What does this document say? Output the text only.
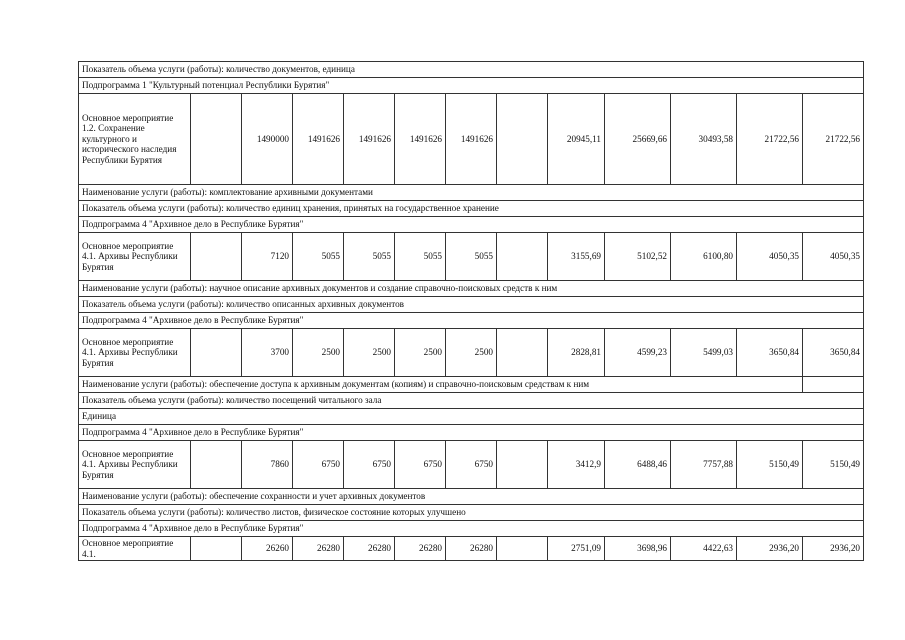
Показатель объема услуги (работы): количество документов, единица												
Подпрограмма 1 "Культурный потенциал Республики Бурятия"												
Основное мероприятие 1.2. Сохранение культурного и исторического наследия Республики Бурятия		1490000	1491626	1491626	1491626	1491626		20945,11	25669,66	30493,58	21722,56	21722,56
Наименование услуги (работы): комплектование архивными документами												
Показатель объема услуги (работы): количество единиц хранения, принятых на государственное хранение												
Подпрограмма 4 "Архивное дело в Республике Бурятия"												
Основное мероприятие 4.1. Архивы Республики Бурятия		7120	5055	5055	5055	5055		3155,69	5102,52	6100,80	4050,35	4050,35
Наименование услуги (работы): научное описание архивных документов и создание справочно-поисковых средств к ним												
Показатель объема услуги (работы): количество описанных архивных документов												
Подпрограмма 4 "Архивное дело в Республике Бурятия"												
Основное мероприятие 4.1. Архивы Республики Бурятия		3700	2500	2500	2500	2500		2828,81	4599,23	5499,03	3650,84	3650,84
Наименование услуги (работы): обеспечение доступа к архивным документам (копиям) и справочно-поисковым средствам к ним												
Показатель объема услуги (работы): количество посещений читального зала												
Единица												
Подпрограмма 4 "Архивное дело в Республике Бурятия"												
Основное мероприятие 4.1. Архивы Республики Бурятия		7860	6750	6750	6750	6750		3412,9	6488,46	7757,88	5150,49	5150,49
Наименование услуги (работы): обеспечение сохранности и учет архивных документов												
Показатель объема услуги (работы): количество листов, физическое состояние которых улучшено												
Подпрограмма 4 "Архивное дело в Республике Бурятия"												
Основное мероприятие 4.1.		26260	26280	26280	26280	26280		2751,09	3698,96	4422,63	2936,20	2936,20
